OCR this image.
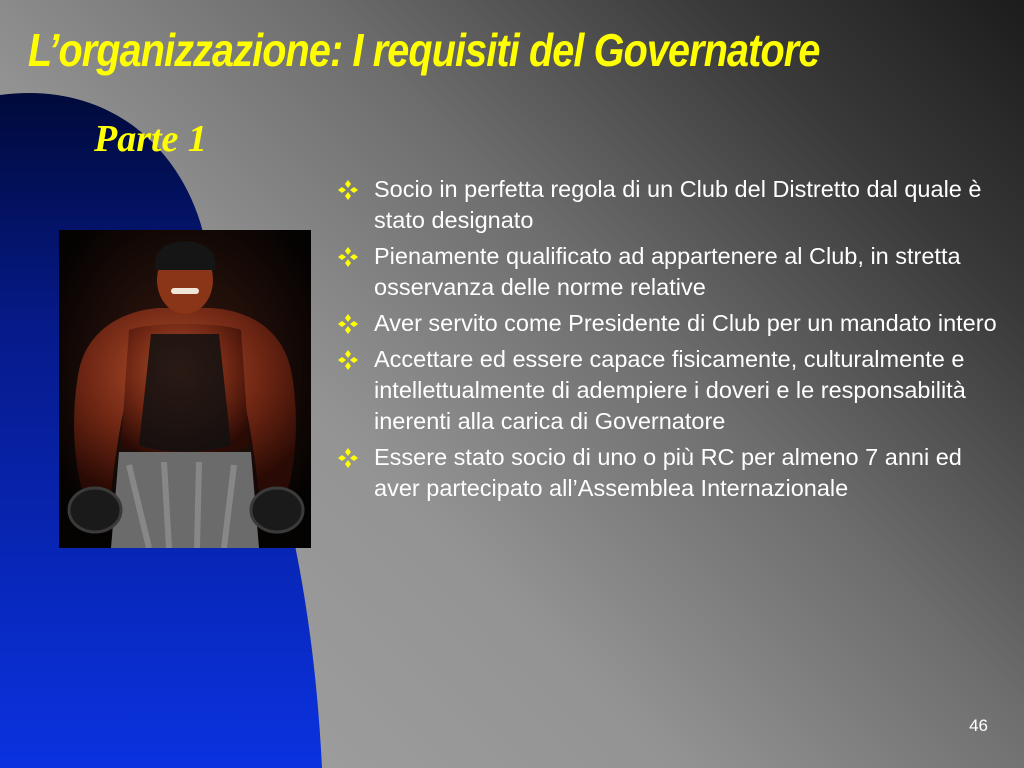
L’organizzazione: I requisiti del Governatore
Parte 1
Socio in perfetta regola di un Club del Distretto dal quale è stato designato
Pienamente qualificato ad appartenere al Club, in stretta osservanza delle norme relative
Aver servito come Presidente di Club per un mandato intero
Accettare ed essere capace fisicamente, culturalmente e intellettualmente di adempiere i doveri e le responsabilità inerenti alla carica di Governatore
Essere stato socio di uno o più RC per almeno 7 anni ed aver partecipato all’Assemblea Internazionale
46
